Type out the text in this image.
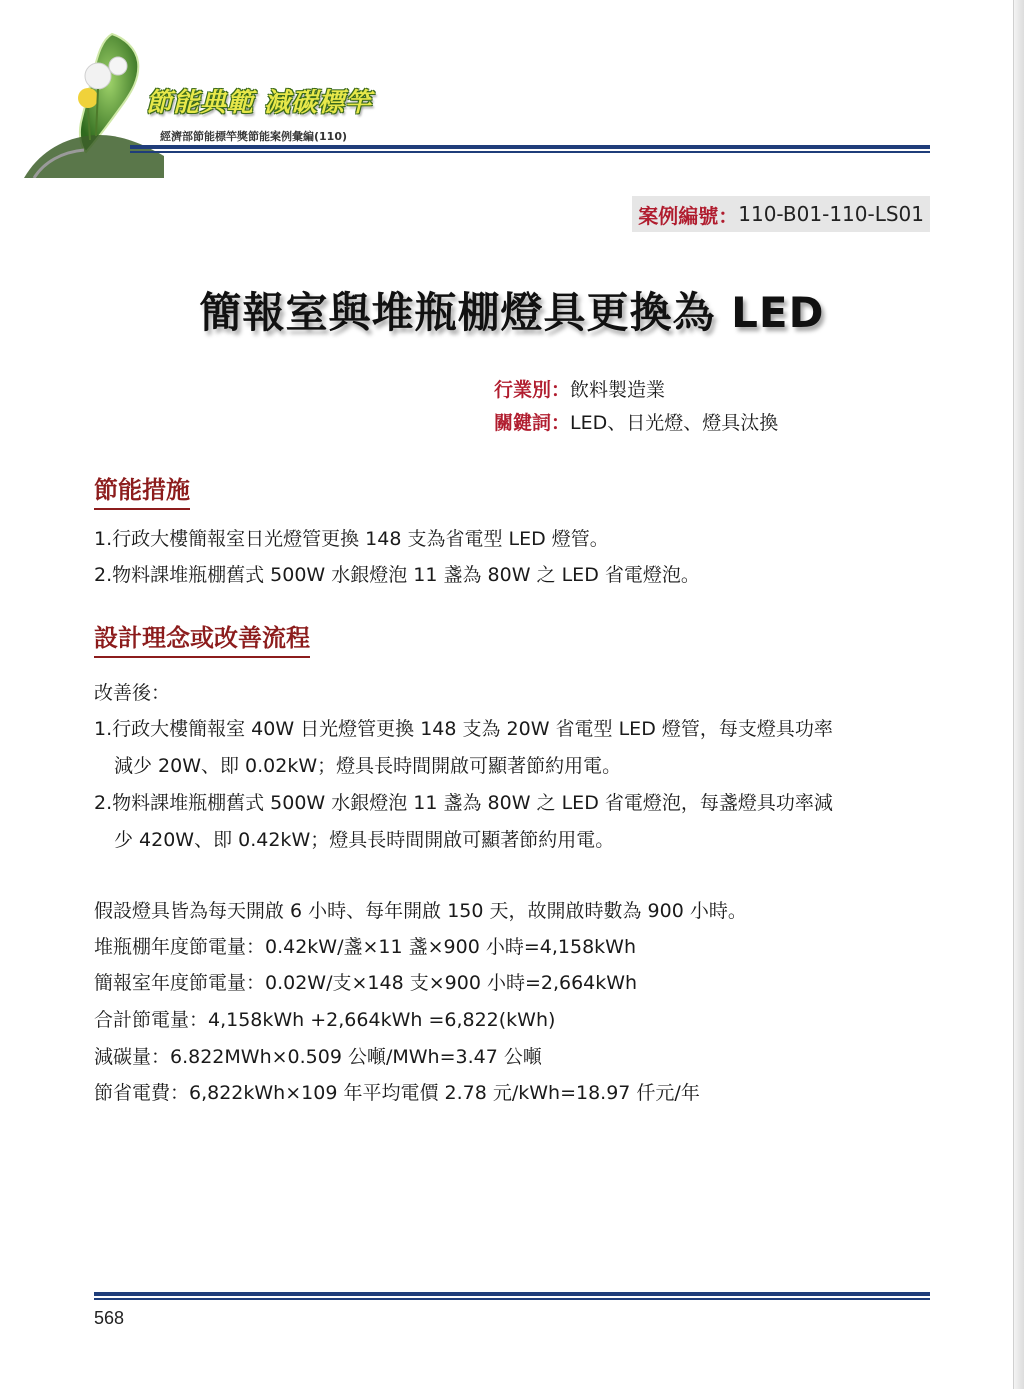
節能典範 減碳標竿
經濟部節能標竿獎節能案例彙編(110)
案例編號： 110-B01-110-LS01
簡報室與堆瓶棚燈具更換為 LED
行業別：飲料製造業
關鍵詞：LED、日光燈、燈具汰換
節能措施
1.行政大樓簡報室日光燈管更換 148 支為省電型 LED 燈管。
2.物料課堆瓶棚舊式 500W 水銀燈泡 11 盞為 80W 之 LED 省電燈泡。
設計理念或改善流程
改善後：
1.行政大樓簡報室 40W 日光燈管更換 148 支為 20W 省電型 LED 燈管，每支燈具功率
減少 20W、即 0.02kW；燈具長時間開啟可顯著節約用電。
2.物料課堆瓶棚舊式 500W 水銀燈泡 11 盞為 80W 之 LED 省電燈泡，每盞燈具功率減
少 420W、即 0.42kW；燈具長時間開啟可顯著節約用電。
假設燈具皆為每天開啟 6 小時、每年開啟 150 天，故開啟時數為 900 小時。
堆瓶棚年度節電量：0.42kW/盞×11 盞×900 小時=4,158kWh
簡報室年度節電量：0.02W/支×148 支×900 小時=2,664kWh
合計節電量：4,158kWh +2,664kWh =6,822(kWh)
減碳量：6.822MWh×0.509 公噸/MWh=3.47 公噸
節省電費：6,822kWh×109 年平均電價 2.78 元/kWh=18.97 仟元/年
568
